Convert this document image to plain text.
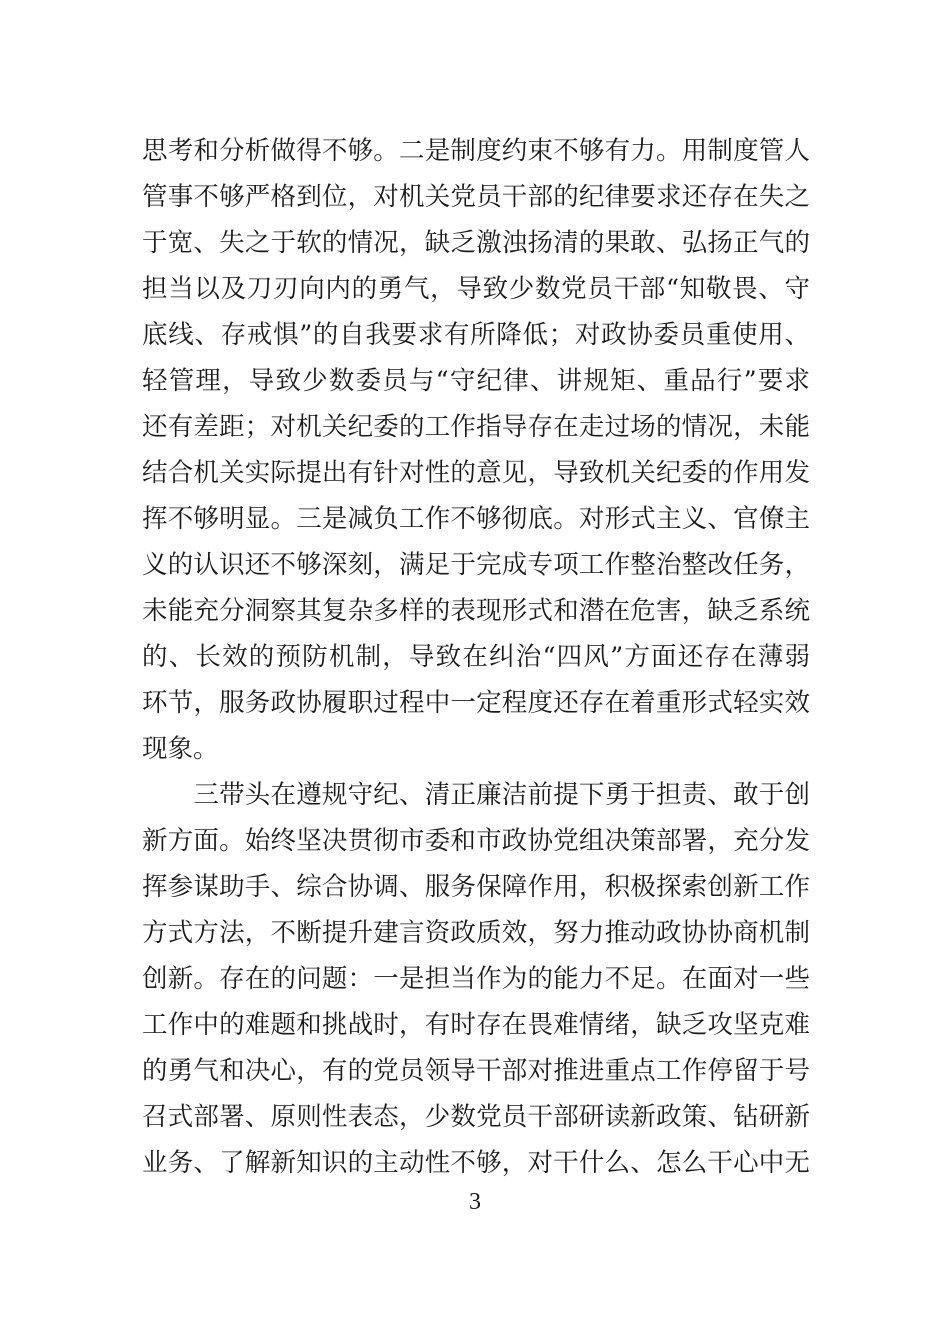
思考和分析做得不够。二是制度约束不够有力。用制度管人
管事不够严格到位，对机关党员干部的纪律要求还存在失之
于宽、失之于软的情况，缺乏激浊扬清的果敢、弘扬正气的
担当以及刀刃向内的勇气，导致少数党员干部“知敬畏、守
底线、存戒惧”的自我要求有所降低；对政协委员重使用、
轻管理，导致少数委员与“守纪律、讲规矩、重品行”要求
还有差距；对机关纪委的工作指导存在走过场的情况，未能
结合机关实际提出有针对性的意见，导致机关纪委的作用发
挥不够明显。三是减负工作不够彻底。对形式主义、官僚主
义的认识还不够深刻，满足于完成专项工作整治整改任务，
未能充分洞察其复杂多样的表现形式和潜在危害，缺乏系统
的、长效的预防机制，导致在纠治“四风”方面还存在薄弱
环节，服务政协履职过程中一定程度还存在着重形式轻实效
现象。
　　三带头在遵规守纪、清正廉洁前提下勇于担责、敢于创
新方面。始终坚决贯彻市委和市政协党组决策部署，充分发
挥参谋助手、综合协调、服务保障作用，积极探索创新工作
方式方法，不断提升建言资政质效，努力推动政协协商机制
创新。存在的问题：一是担当作为的能力不足。在面对一些
工作中的难题和挑战时，有时存在畏难情绪，缺乏攻坚克难
的勇气和决心，有的党员领导干部对推进重点工作停留于号
召式部署、原则性表态，少数党员干部研读新政策、钻研新
业务、了解新知识的主动性不够，对干什么、怎么干心中无
3
